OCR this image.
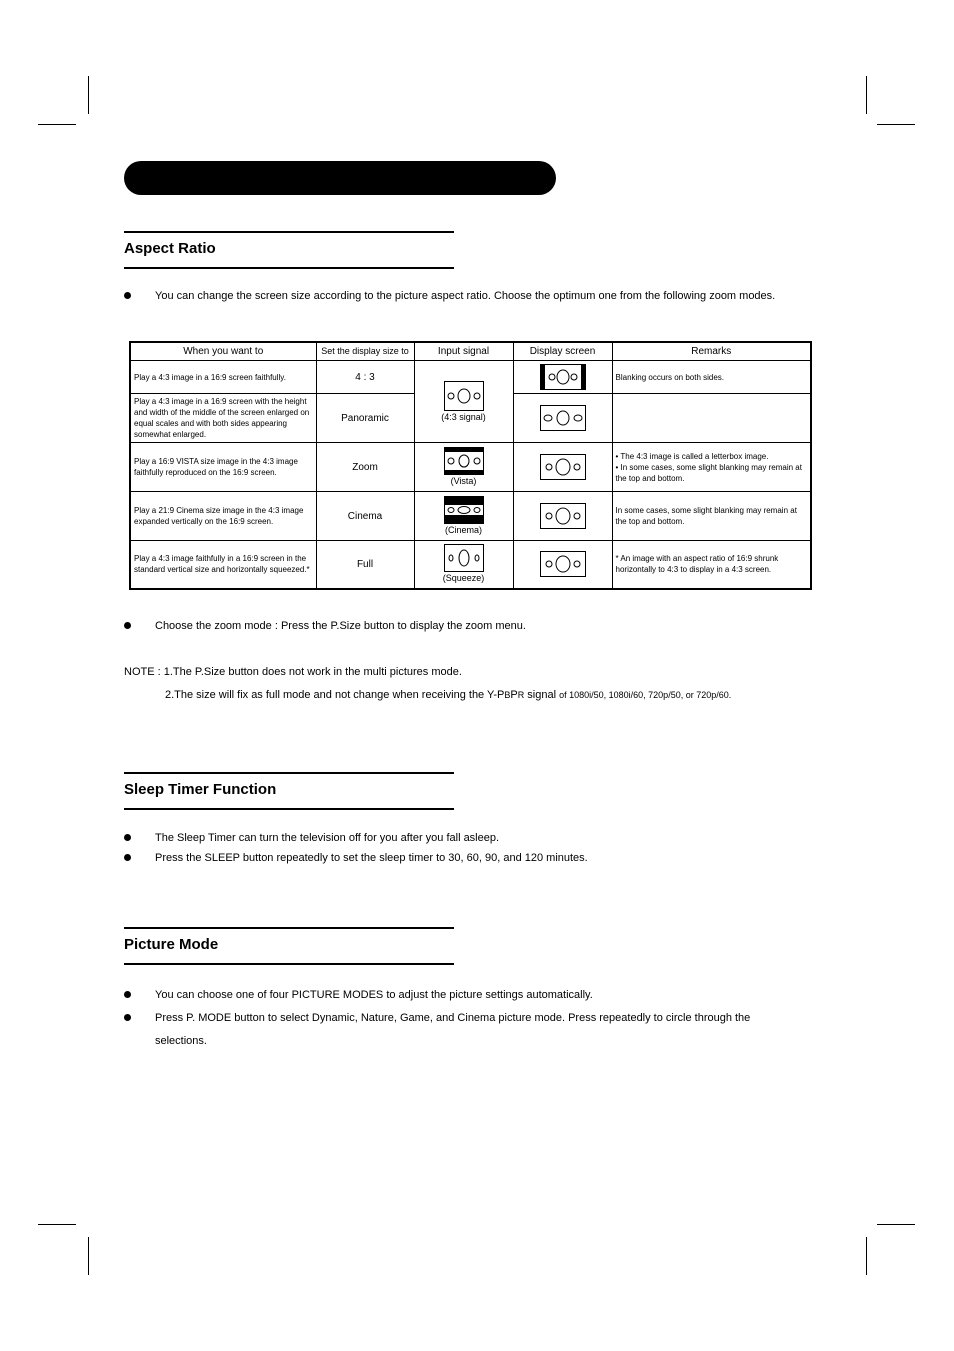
Aspect Ratio
You can change the screen size according to the picture aspect ratio. Choose the optimum one from the following zoom modes.
When you want to	Set the display size to	Input signal	Display screen	Remarks
Play a 4:3 image in a 16:9 screen faithfully.	4 : 3	(4:3 signal)		Blanking occurs on both sides.
Play a 4:3 image in a 16:9 screen with the height and width of the middle of the screen enlarged on equal scales and with both sides appearing somewhat enlarged.	Panoramic	

Play a 16:9 VISTA size image in the 4:3 image faithfully reproduced on the 16:9 screen.	Zoom	(Vista)		• The 4:3 image is called a letterbox image.
• In some cases, some slight blanking may remain at the top and bottom.
Play a 21:9 Cinema size image in the 4:3 image expanded vertically on the 16:9 screen.	Cinema	(Cinema)		In some cases, some slight blanking may remain at the top and bottom.
Play a 4:3 image faithfully in a 16:9 screen in the standard vertical size and horizontally squeezed.*	Full	(Squeeze)		* An image with an aspect ratio of 16:9 shrunk horizontally to 4:3 to display in a 4:3 screen.
Choose the zoom mode : Press the P.Size button to display the zoom menu.
NOTE : 1.The P.Size button does not work in the multi pictures mode.
2.The size will fix as full mode and not change when receiving the Y-PBPR signal of 1080i/50, 1080i/60, 720p/50, or 720p/60.
Sleep Timer Function
The Sleep Timer can turn the television off for you after you fall asleep.
Press the SLEEP button repeatedly to set the sleep timer to 30, 60, 90, and 120 minutes.
Picture Mode
You can choose one of four PICTURE MODES to adjust the picture settings automatically.
Press P. MODE button to select Dynamic, Nature, Game, and Cinema picture mode. Press repeatedly to circle through the
selections.
